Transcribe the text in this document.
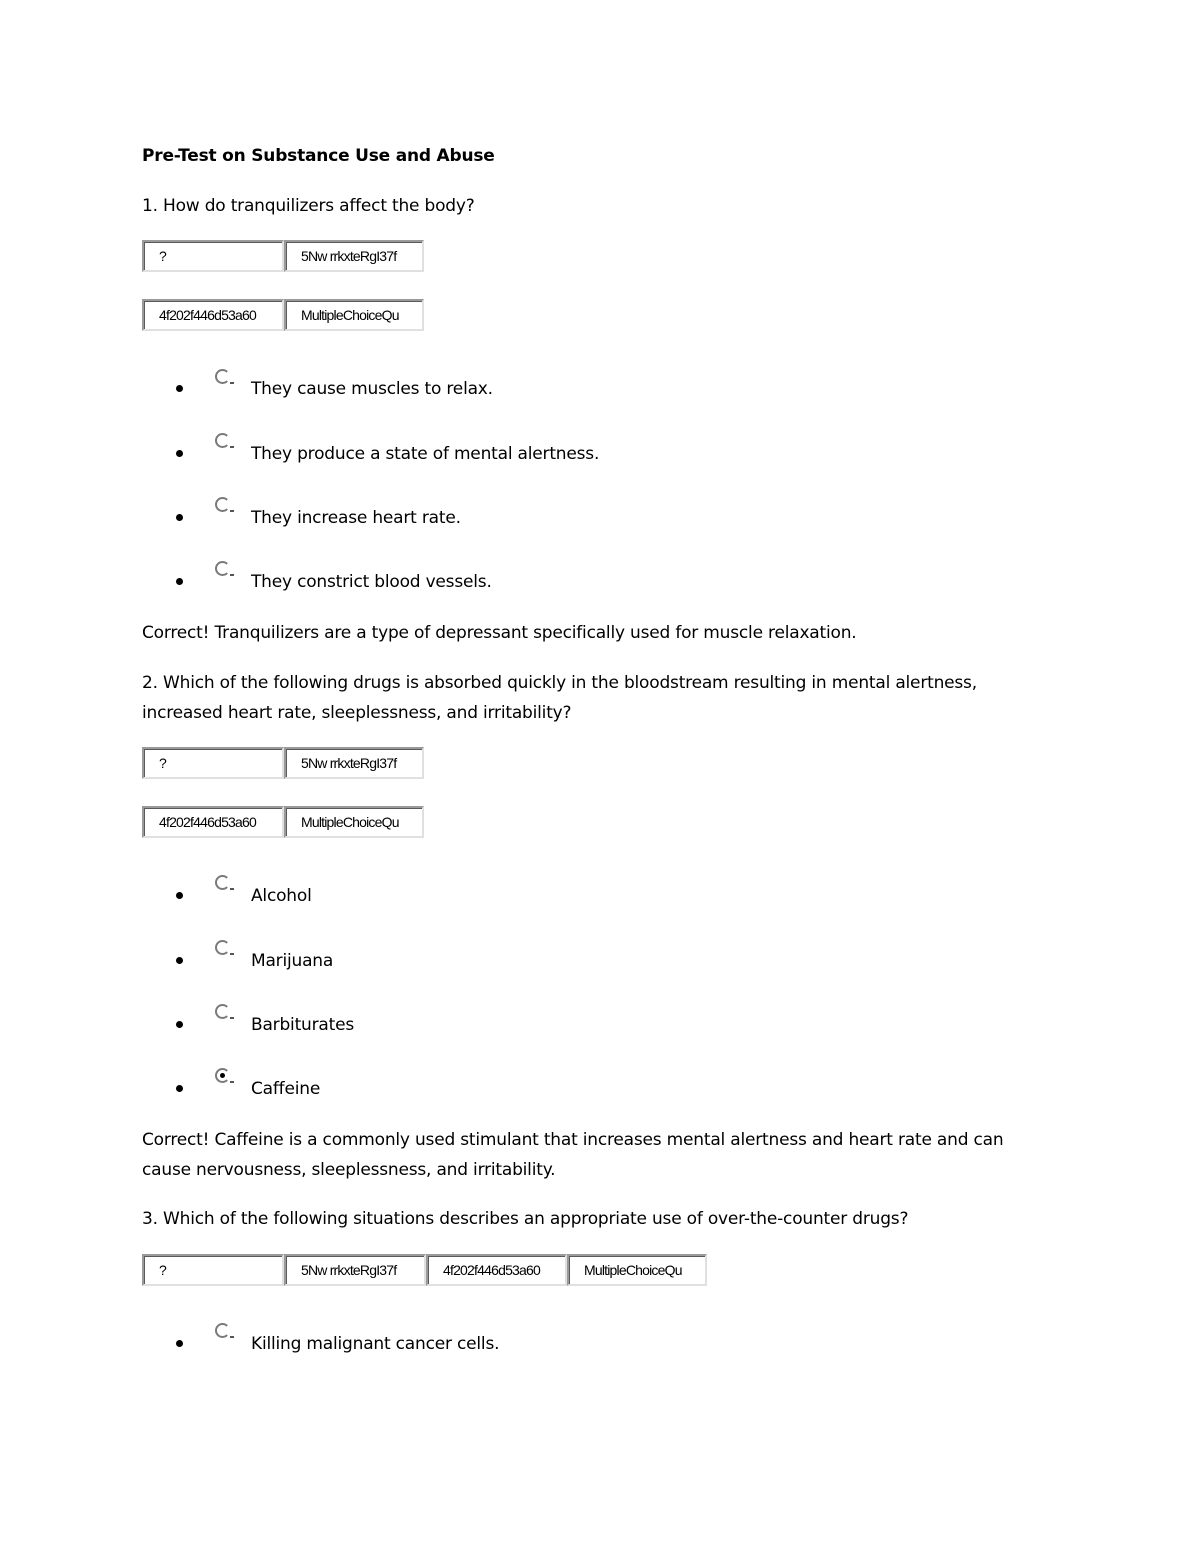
Pre-Test on Substance Use and Abuse
1. How do tranquilizers affect the body?
?	5Nw rrkxteRgI37f
4f202f446d53a60	MultipleChoiceQu
They cause muscles to relax.
They produce a state of mental alertness.
They increase heart rate.
They constrict blood vessels.
Correct! Tranquilizers are a type of depressant specifically used for muscle relaxation.
2. Which of the following drugs is absorbed quickly in the bloodstream resulting in mental alertness, increased heart rate, sleeplessness, and irritability?
?	5Nw rrkxteRgI37f
4f202f446d53a60	MultipleChoiceQu
Alcohol
Marijuana
Barbiturates
Caffeine
Correct! Caffeine is a commonly used stimulant that increases mental alertness and heart rate and can cause nervousness, sleeplessness, and irritability.
3. Which of the following situations describes an appropriate use of over-the-counter drugs?
?	5Nw rrkxteRgI37f	4f202f446d53a60	MultipleChoiceQu
Killing malignant cancer cells.
